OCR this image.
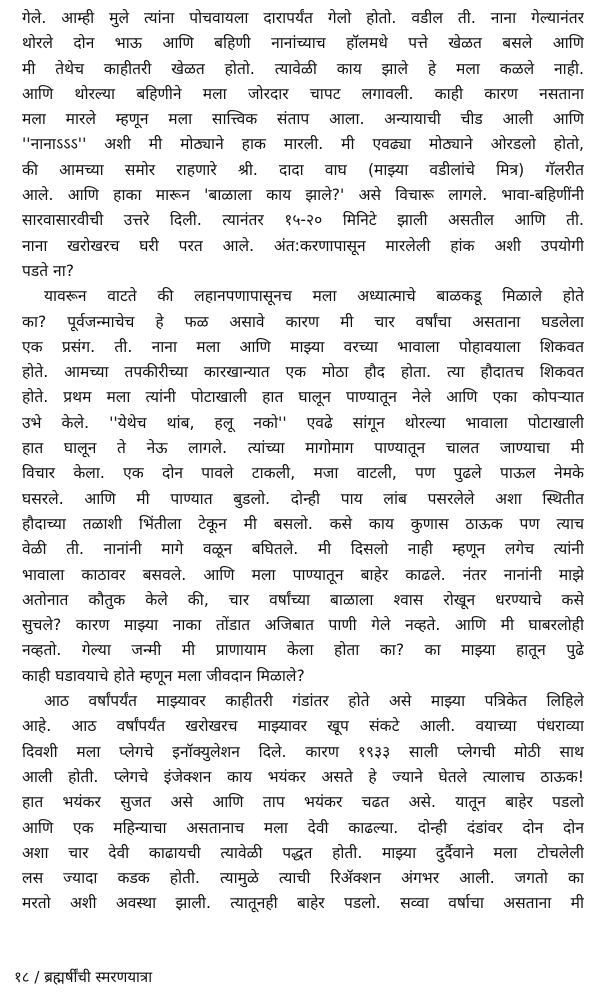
गेले. आम्ही मुले त्यांना पोचवायला दारापर्यंत गेलो होतो. वडील ती. नाना गेल्यानंतर
थोरले दोन भाऊ आणि बहिणी नानांच्याच हॉलमधे पत्ते खेळत बसले आणि
मी तेथेच काहीतरी खेळत होतो. त्यावेळी काय झाले हे मला कळले नाही.
आणि थोरल्या बहिणीने मला जोरदार चापट लगावली. काही कारण नसताना
मला मारले म्हणून मला सात्त्विक संताप आला. अन्यायाची चीड आली आणि
''नानाऽऽऽ'' अशी मी मोठ्याने हाक मारली. मी एवढ्या मोठ्याने ओरडलो होतो,
की आमच्या समोर राहणारे श्री. दादा वाघ (माझ्या वडीलांचे मित्र) गॅलरीत
आले. आणि हाका मारून 'बाळाला काय झाले?' असे विचारू लागले. भावा-बहिणींनी
सारवासारवीची उत्तरे दिली. त्यानंतर १५-२० मिनिटे झाली असतील आणि ती.
नाना खरोखरच घरी परत आले. अंत:करणापासून मारलेली हांक अशी उपयोगी
पडते ना?
यावरून वाटते की लहानपणापासूनच मला अध्यात्माचे बाळकडू मिळाले होते
का? पूर्वजन्माचेच हे फळ असावे कारण मी चार वर्षांचा असताना घडलेला
एक प्रसंग. ती. नाना मला आणि माझ्या वरच्या भावाला पोहावयाला शिकवत
होते. आमच्या तपकीरीच्या कारखान्यात एक मोठा हौद होता. त्या हौदातच शिकवत
होते. प्रथम मला त्यांनी पोटाखाली हात घालून पाण्यातून नेले आणि एका कोपऱ्यात
उभे केले. ''येथेच थांब, हलू नको'' एवढे सांगून थोरल्या भावाला पोटाखाली
हात घालून ते नेऊ लागले. त्यांच्या मागोमाग पाण्यातून चालत जाण्याचा मी
विचार केला. एक दोन पावले टाकली, मजा वाटली, पण पुढले पाऊल नेमके
घसरले. आणि मी पाण्यात बुडलो. दोन्ही पाय लांब पसरलेले अशा स्थितीत
हौदाच्या तळाशी भिंतीला टेकून मी बसलो. कसे काय कुणास ठाऊक पण त्याच
वेळी ती. नानांनी मागे वळून बघितले. मी दिसलो नाही म्हणून लगेच त्यांनी
भावाला काठावर बसवले. आणि मला पाण्यातून बाहेर काढले. नंतर नानांनी माझे
अतोनात कौतुक केले की, चार वर्षांच्या बाळाला श्वास रोखून धरण्याचे कसे
सुचले? कारण माझ्या नाका तोंडात अजिबात पाणी गेले नव्हते. आणि मी घाबरलोही
नव्हतो. गेल्या जन्मी मी प्राणायाम केला होता का? का माझ्या हातून पुढे
काही घडावयाचे होते म्हणून मला जीवदान मिळाले?
आठ वर्षांपर्यंत माझ्यावर काहीतरी गंडांतर होते असे माझ्या पत्रिकेत लिहिले
आहे. आठ वर्षांपर्यंत खरोखरच माझ्यावर खूप संकटे आली. वयाच्या पंधराव्या
दिवशी मला प्लेगचे इनॉक्युलेशन दिले. कारण १९३३ साली प्लेगची मोठी साथ
आली होती. प्लेगचे इंजेक्शन काय भयंकर असते हे ज्याने घेतले त्यालाच ठाऊक!
हात भयंकर सुजत असे आणि ताप भयंकर चढत असे. यातून बाहेर पडलो
आणि एक महिन्याचा असतानाच मला देवी काढल्या. दोन्ही दंडांवर दोन दोन
अशा चार देवी काढायची त्यावेळी पद्धत होती. माझ्या दुर्दैवाने मला टोचलेली
लस ज्यादा कडक होती. त्यामुळे त्याची रिॲक्शन अंगभर आली. जगतो का
मरतो अशी अवस्था झाली. त्यातूनही बाहेर पडलो. सव्वा वर्षाचा असताना मी
१८ / ब्रह्मर्षींची स्मरणयात्रा
